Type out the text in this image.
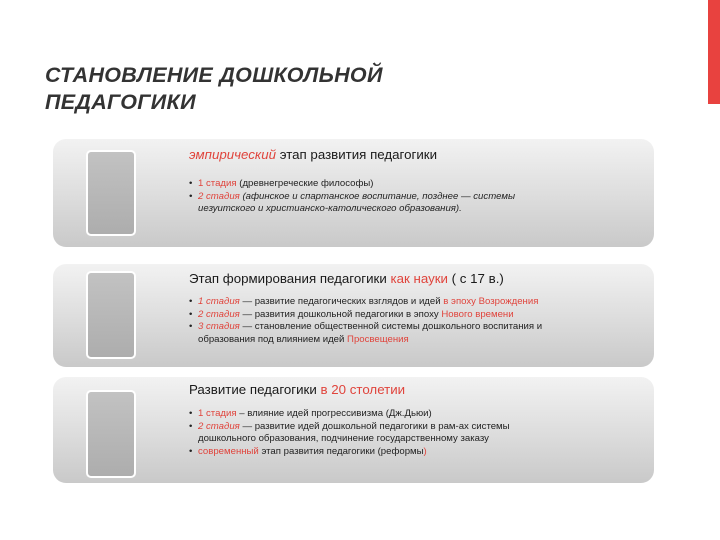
СТАНОВЛЕНИЕ ДОШКОЛЬНОЙ
ПЕДАГОГИКИ

эмпирический этап развития педагогики

• 1 стадия (древнегреческие философы)
• 2 стадия (афинское и спартанское воспитание, позднее — системы
иезуитского и христианско-католического образования).

Этап формирования педагогики как науки ( с 17 в.)

• 1 стадия — развитие педагогических взглядов и идей в эпоху Возрождения
• 2 стадия — развития дошкольной педагогики в эпоху Нового времени
• 3 стадия — становление общественной системы дошкольного воспитания и
образования под влиянием идей Просвещения

Развитие педагогики в 20 столетии

• 1 стадия – влияние идей прогрессивизма (Дж.Дьюи)
• 2 стадия — развитие идей дошкольной педагогики в рам-ах системы
дошкольного образования, подчинение государственному заказу
• современный этап развития педагогики (реформы)
